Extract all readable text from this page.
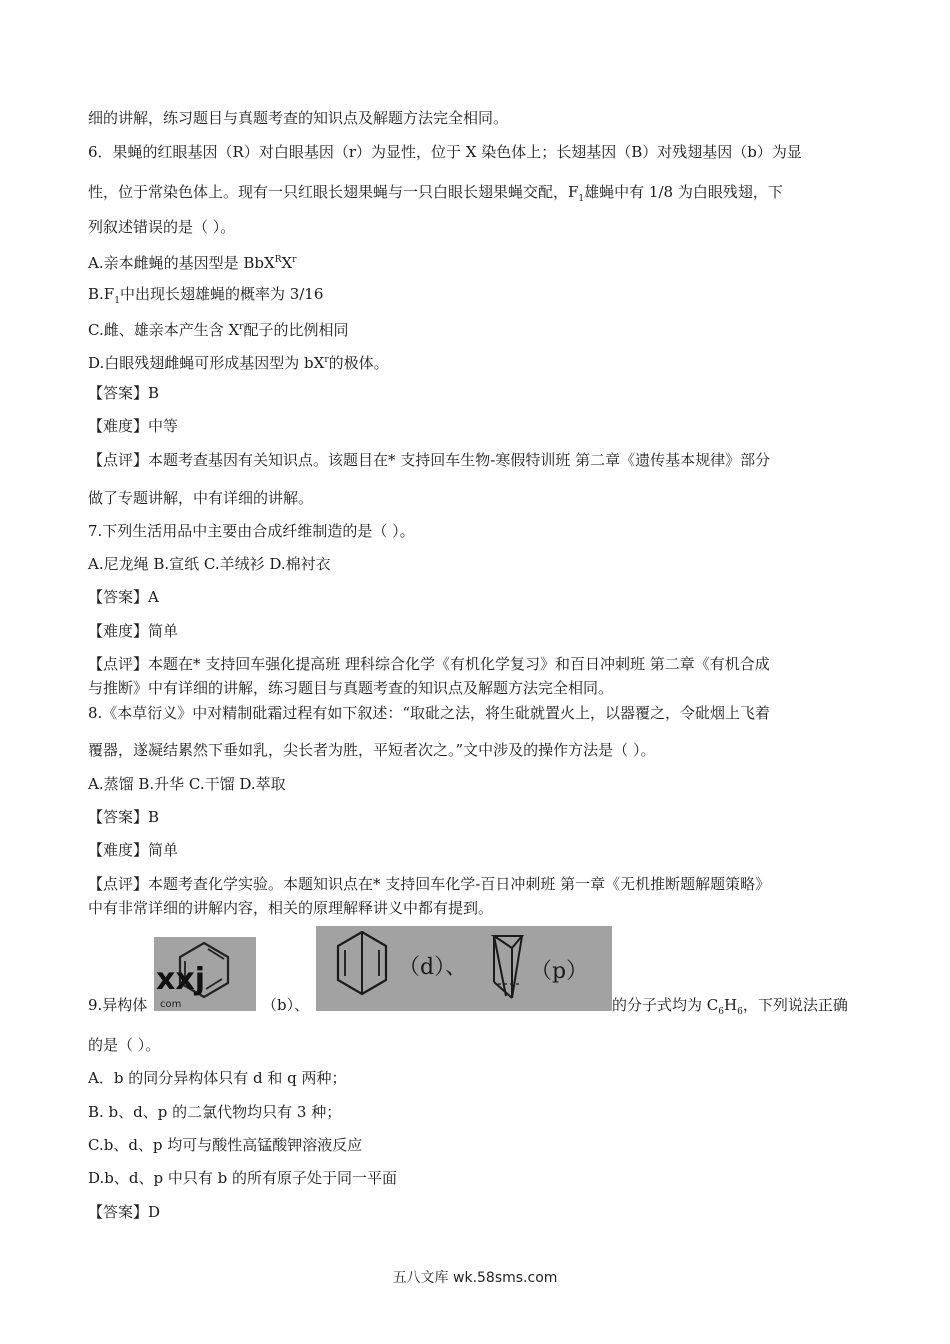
细的讲解，练习题目与真题考查的知识点及解题方法完全相同。
6．果蝇的红眼基因（R）对白眼基因（r）为显性，位于 X 染色体上；长翅基因（B）对残翅基因（b）为显
性，位于常染色体上。现有一只红眼长翅果蝇与一只白眼长翅果蝇交配，$F_1$雄蝇中有 1/8 为白眼残翅，下
列叙述错误的是（ ）。
A.亲本雌蝇的基因型是 $BbX^RX^r$
$B.F_1$中出现长翅雄蝇的概率为 3/16
C.雌、雄亲本产生含 $X^r$配子的比例相同
D.白眼残翅雌蝇可形成基因型为 $bX^r$的极体。
【答案】B
【难度】中等
【点评】本题考查基因有关知识点。该题目在* 支持回车生物-寒假特训班 第二章《遗传基本规律》部分
做了专题讲解，中有详细的讲解。
7.下列生活用品中主要由合成纤维制造的是（ ）。
A.尼龙绳 B.宣纸 C.羊绒衫 D.棉衬衣
【答案】A
【难度】简单
【点评】本题在* 支持回车强化提高班 理科综合化学《有机化学复习》和百日冲刺班 第二章《有机合成
与推断》中有详细的讲解，练习题目与真题考查的知识点及解题方法完全相同。
8.《本草衍义》中对精制砒霜过程有如下叙述：“取砒之法，将生砒就置火上，以器覆之，令砒烟上飞着
覆器，遂凝结累然下垂如乳，尖长者为胜，平短者次之。”文中涉及的操作方法是（ ）。
A.蒸馏 B.升华 C.干馏 D.萃取
【答案】B
【难度】简单
【点评】本题考查化学实验。本题知识点在* 支持回车化学-百日冲刺班 第一章《无机推断题解题策略》
中有非常详细的讲解内容，相关的原理解释讲义中都有提到。
9.异构体
xxj
com	（b）、
（d）、	（p）
的分子式均为 $C_6H_6$，下列说法正确
的是（ ）。
A．b 的同分异构体只有 d 和 q 两种；
B. b、d、p 的二氯代物均只有 3 种；
C.b、d、p 均可与酸性高锰酸钾溶液反应
D.b、d、p 中只有 b 的所有原子处于同一平面
【答案】D
五八文库 wk.58sms.com
